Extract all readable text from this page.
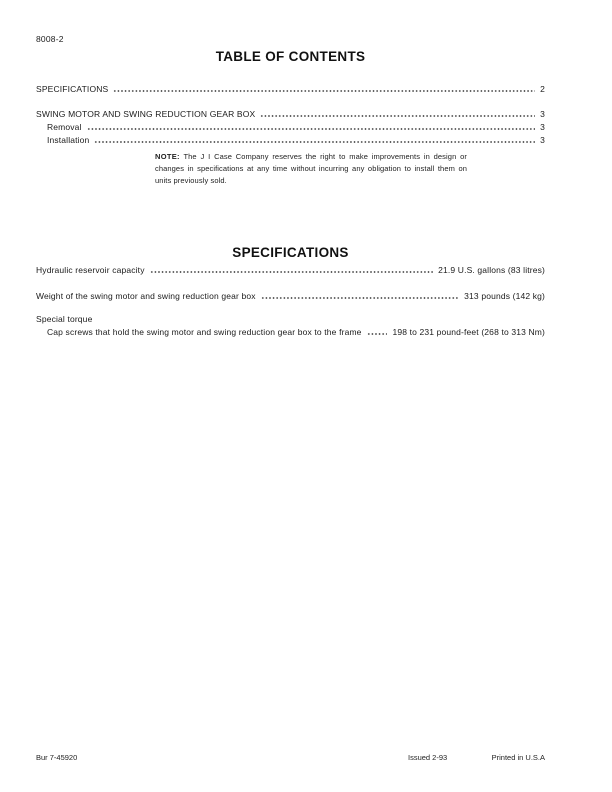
8008-2
TABLE OF CONTENTS
SPECIFICATIONS	2
SWING MOTOR AND SWING REDUCTION GEAR BOX	3
Removal	3
Installation	3

NOTE: The J I Case Company reserves the right to make improvements in design or changes in specifications at any time without incurring any obligation to install them on units previously sold.

SPECIFICATIONS
Hydraulic reservoir capacity	21.9 U.S. gallons (83 litres)
Weight of the swing motor and swing reduction gear box	313 pounds (142 kg)
Special torque
Cap screws that hold the swing motor and swing reduction gear box to the frame	198 to 231 pound-feet (268 to 313 Nm)
Bur 7-45920	Issued 2-93	Printed in U.S.A
